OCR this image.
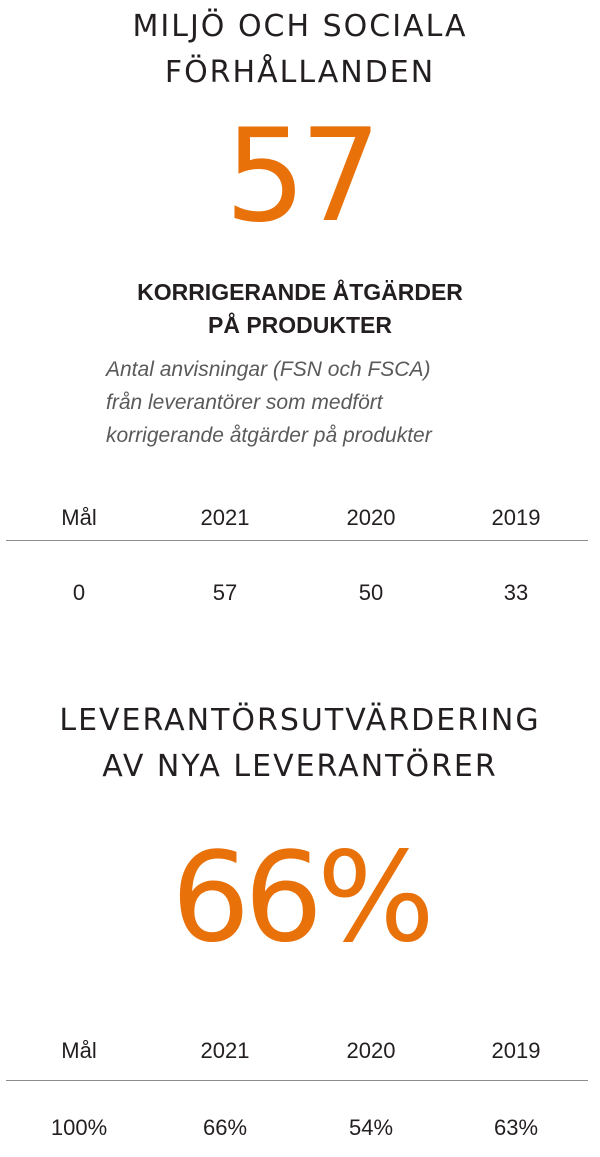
MILJÖ OCH SOCIALA
FÖRHÅLLANDEN
57
KORRIGERANDE ÅTGÄRDER
PÅ PRODUKTER

Antal anvisningar (FSN och FSCA)
från leverantörer som medfört
korrigerande åtgärder på produkter

Mål	2021	2020	2019
0	57	50	33
LEVERANTÖRSUTVÄRDERING
AV NYA LEVERANTÖRER
66%
Mål	2021	2020	2019
100%	66%	54%	63%
